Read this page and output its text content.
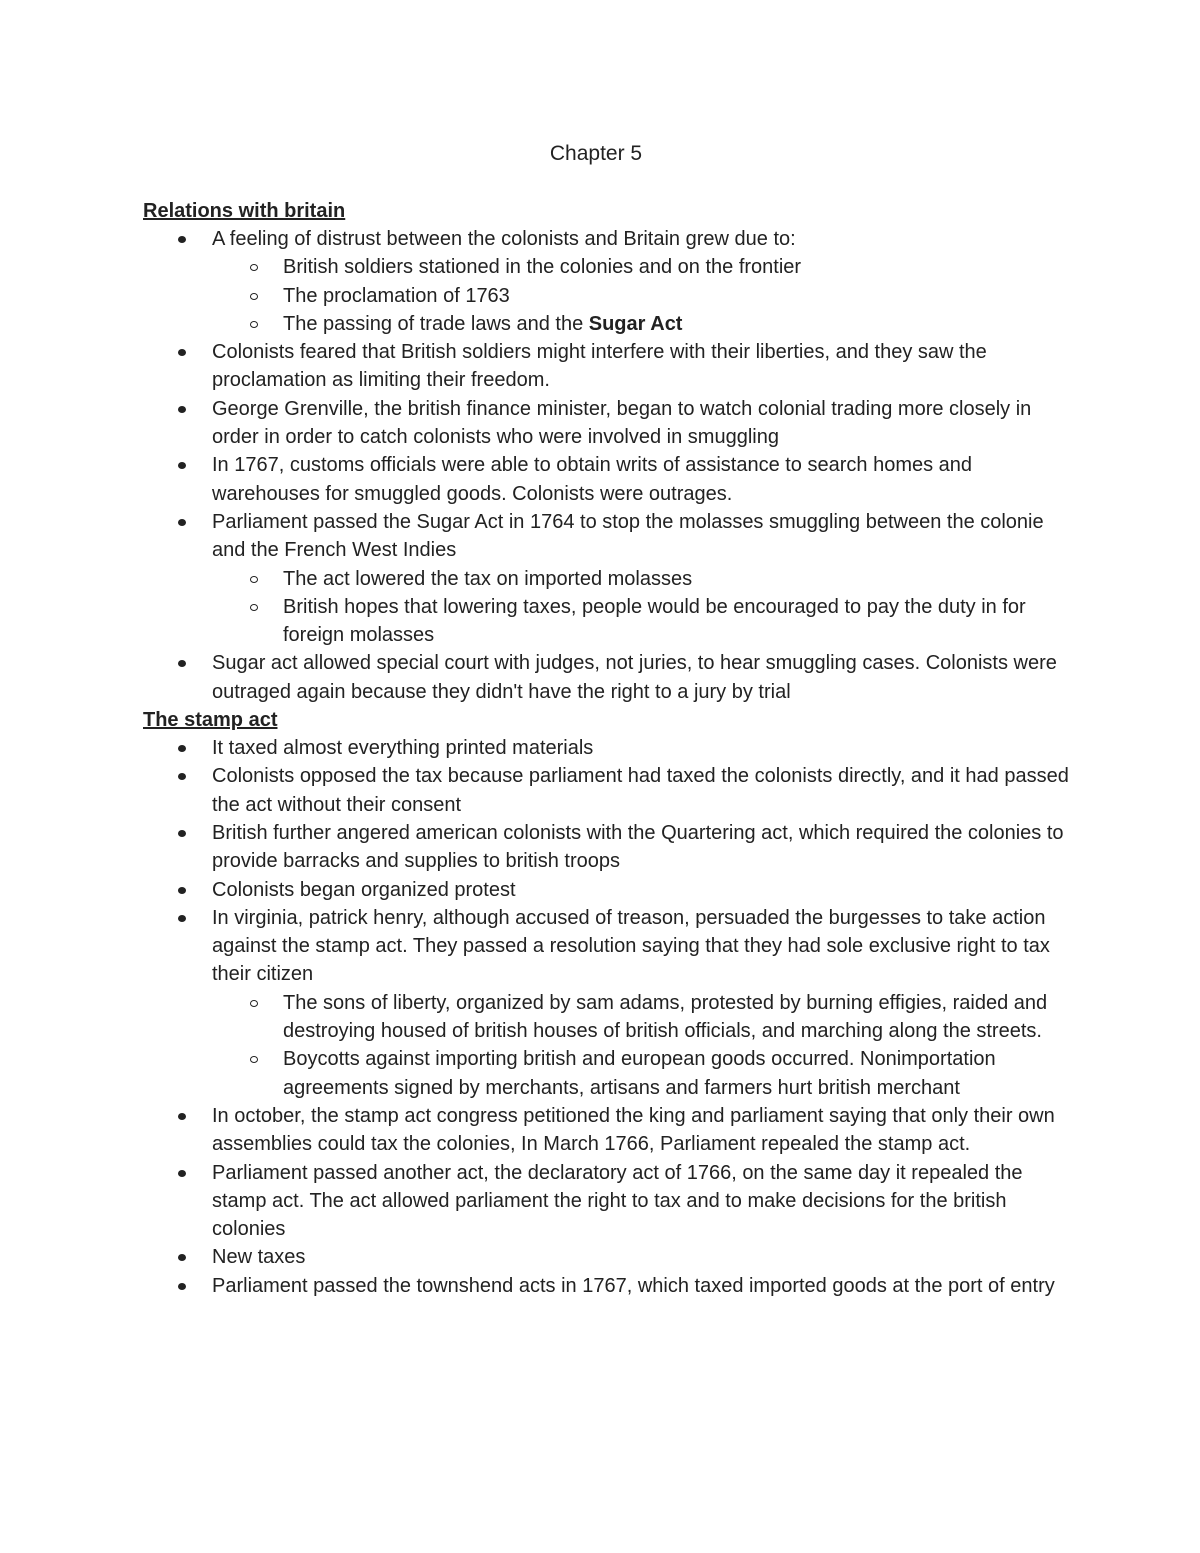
Chapter 5

Relations with britain

A feeling of distrust between the colonists and Britain grew due to:
British soldiers stationed in the colonies and on the frontier
The proclamation of 1763
The passing of trade laws and the Sugar Act
Colonists feared that British soldiers might interfere with their liberties, and they saw the proclamation as limiting their freedom.
George Grenville, the british finance minister, began to watch colonial trading more closely in order in order to catch colonists who were involved in smuggling
In 1767, customs officials were able to obtain writs of assistance to search homes and warehouses for smuggled goods. Colonists were outrages.
Parliament passed the Sugar Act in 1764 to stop the molasses smuggling between the colonie and the French West Indies
The act lowered the tax on imported molasses
British hopes that lowering taxes, people would be encouraged to pay the duty in for foreign molasses
Sugar act allowed special court with judges, not juries, to hear smuggling cases. Colonists were outraged again because they didn't have the right to a jury by trial

The stamp act

It taxed almost everything printed materials
Colonists opposed the tax because parliament had taxed the colonists directly, and it had passed the act without their consent
British further angered american colonists with the Quartering act, which required the colonies to provide barracks and supplies to british troops
Colonists began organized protest
In virginia, patrick henry, although accused of treason, persuaded the burgesses to take action against the stamp act. They passed a resolution saying that they had sole exclusive right to tax their citizen
The sons of liberty, organized by sam adams, protested by burning effigies, raided and destroying housed of british houses of british officials, and marching along the streets.
Boycotts against importing british and european goods occurred. Nonimportation agreements signed by merchants, artisans and farmers hurt british merchant
In october, the stamp act congress petitioned the king and parliament saying that only their own assemblies could tax the colonies, In March 1766, Parliament repealed the stamp act.
Parliament passed another act, the declaratory act of 1766, on the same day it repealed the stamp act. The act allowed parliament the right to tax and to make decisions for the british colonies
New taxes
Parliament passed the townshend acts in 1767, which taxed imported goods at the port of entry
